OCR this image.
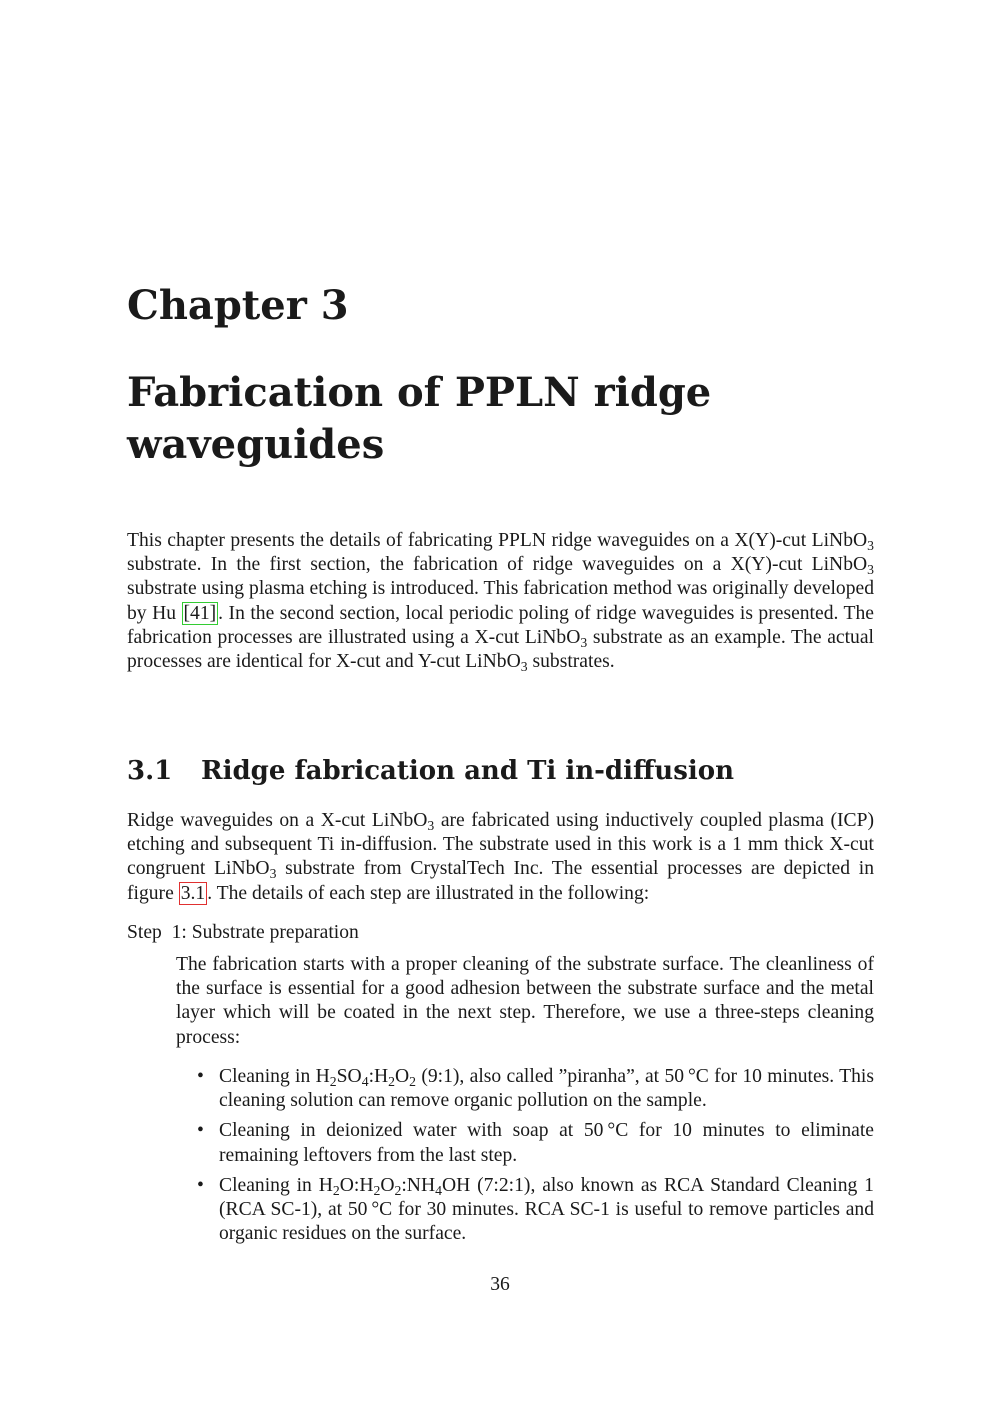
Chapter 3
Fabrication of PPLN ridge waveguides

This chapter presents the details of fabricating PPLN ridge waveguides on a X(Y)-cut LiNbO$_3$ substrate. In the first section, the fabrication of ridge waveguides on a X(Y)-cut LiNbO$_3$ substrate using plasma etching is introduced. This fabrication method was originally developed by Hu [41] . In the second section, local periodic poling of ridge waveguides is presented. The fabrication processes are illustrated using a X-cut LiNbO$_3$ substrate as an example. The actual processes are identical for X-cut and Y-cut LiNbO$_3$ substrates.

3.1 Ridge fabrication and Ti in-diffusion

Ridge waveguides on a X-cut LiNbO$_3$ are fabricated using inductively coupled plasma (ICP) etching and subsequent Ti in-diffusion. The substrate used in this work is a 1 mm thick X-cut congruent LiNbO$_3$ substrate from CrystalTech Inc. The essential processes are depicted in figure 3.1 . The details of each step are illustrated in the following:

Step  1: Substrate preparation

The fabrication starts with a proper cleaning of the substrate surface. The cleanliness of the surface is essential for a good adhesion between the substrate surface and the metal layer which will be coated in the next step. Therefore, we use a three-steps cleaning process:

• Cleaning in $H_2SO_4:H_2O_2$ (9:1), also called ”piranha”, at 50 °C for 10 minutes. This cleaning solution can remove organic pollution on the sample.
• Cleaning in deionized water with soap at 50 °C for 10 minutes to eliminate remaining leftovers from the last step.
• Cleaning in $H_2O:H_2O_2:NH_4OH$ (7:2:1), also known as RCA Standard Cleaning 1 (RCA SC-1), at 50 °C for 30 minutes. RCA SC-1 is useful to remove particles and organic residues on the surface.

36
